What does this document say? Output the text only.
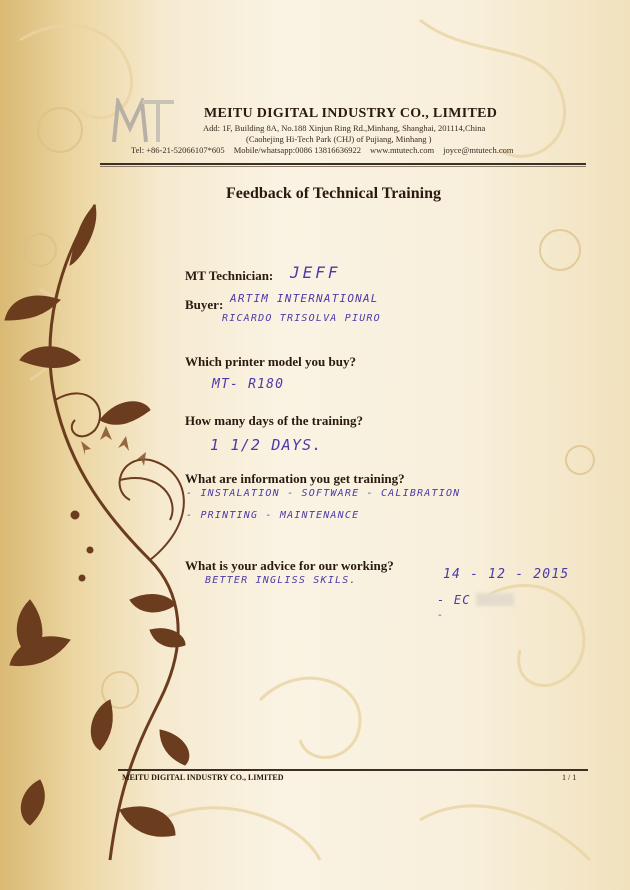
MEITU DIGITAL INDUSTRY CO., LIMITED
Add: 1F, Building 8A, No.188 Xinjun Ring Rd.,Minhang, Shanghai, 201114,China
(Caohejing Hi-Tech Park (CHJ) of Pujiang, Minhang )
Tel: +86-21-52066107*605 Mobile/whatsapp:0086 13816636922 www.mtutech.com joyce@mtutech.com
Feedback of Technical Training
MT Technician: JEFF
Buyer: ARTIM INTERNATIONAL
RICARDO TRISOLVA PIURO
Which printer model you buy?
MT- R180
How many days of the training?
1 1/2 DAYS.
What are information you get training?
- INSTALATION - SOFTWARE - CALIBRATION
- PRINTING - MAINTENANCE
What is your advice for our working?
BETTER INGLISS SKILS.	14 - 12 - 2015
- EC
-
MEITU DIGITAL INDUSTRY CO., LIMITED	1 / 1
